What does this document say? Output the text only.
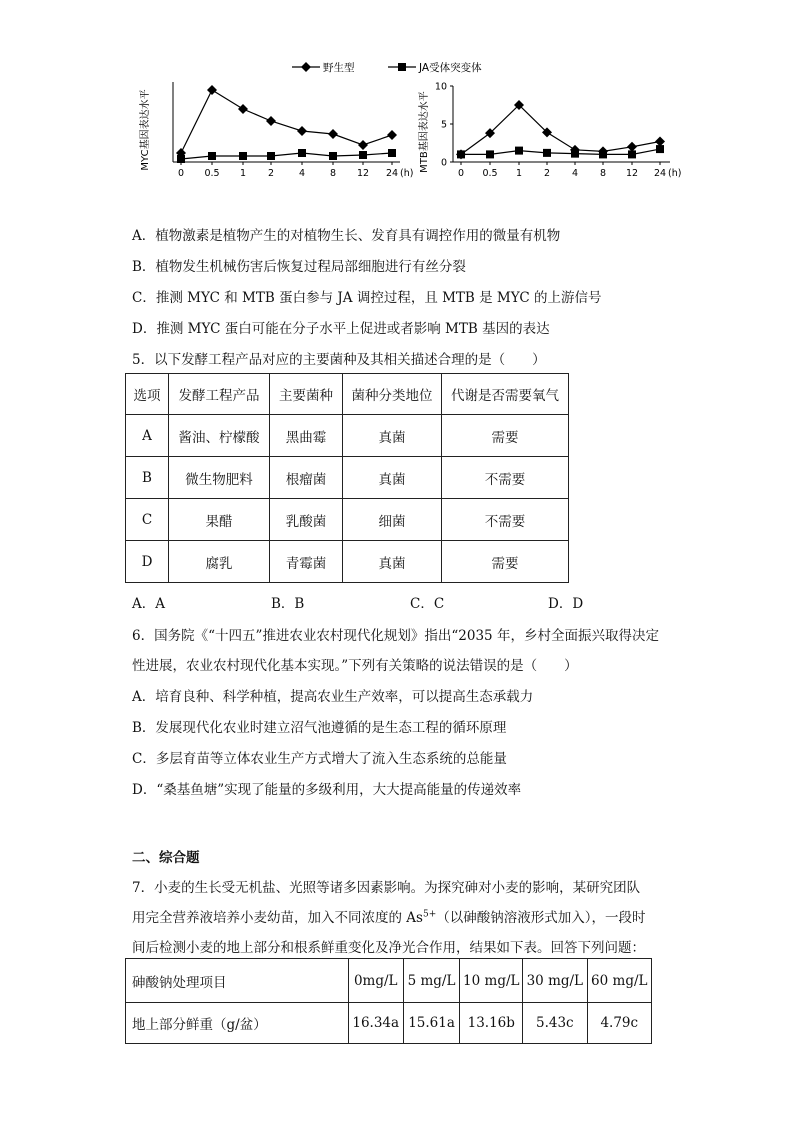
野生型	JA受体突变体
0 0.5 1 2	4	8 12 24 (h)
MYC基因表达水平	0
5
10
0 0.5 1 2 4 8 12 24 (h)
MTB基因表达水平
A．植物激素是植物产生的对植物生长、发育具有调控作用的微量有机物
B．植物发生机械伤害后恢复过程局部细胞进行有丝分裂
C．推测 MYC 和 MTB 蛋白参与 JA 调控过程，且 MTB 是 MYC 的上游信号
D．推测 MYC 蛋白可能在分子水平上促进或者影响 MTB 基因的表达
5．以下发酵工程产品对应的主要菌种及其相关描述合理的是（　　）
选项	发酵工程产品	主要菌种	菌种分类地位	代谢是否需要氧气
A	酱油、柠檬酸	黑曲霉	真菌	需要
B	微生物肥料	根瘤菌	真菌	不需要
C	果醋	乳酸菌	细菌	不需要
D	腐乳	青霉菌	真菌	需要
A．A	B．B	C．C	D．D
6．国务院《“十四五”推进农业农村现代化规划》指出“2035 年，乡村全面振兴取得决定
性进展，农业农村现代化基本实现。”下列有关策略的说法错误的是（　　）
A．培育良种、科学种植，提高农业生产效率，可以提高生态承载力
B．发展现代化农业时建立沼气池遵循的是生态工程的循环原理
C．多层育苗等立体农业生产方式增大了流入生态系统的总能量
D．“桑基鱼塘”实现了能量的多级利用，大大提高能量的传递效率
二、综合题
7．小麦的生长受无机盐、光照等诸多因素影响。为探究砷对小麦的影响，某研究团队
用完全营养液培养小麦幼苗，加入不同浓度的 $As^{5+}$（以砷酸钠溶液形式加入），一段时
间后检测小麦的地上部分和根系鲜重变化及净光合作用，结果如下表。回答下列问题：
砷酸钠处理项目	0mg/L	5 mg/L	10 mg/L	30 mg/L	60 mg/L
地上部分鲜重（g/盆）	16.34a	15.61a	13.16b	5.43c	4.79c
